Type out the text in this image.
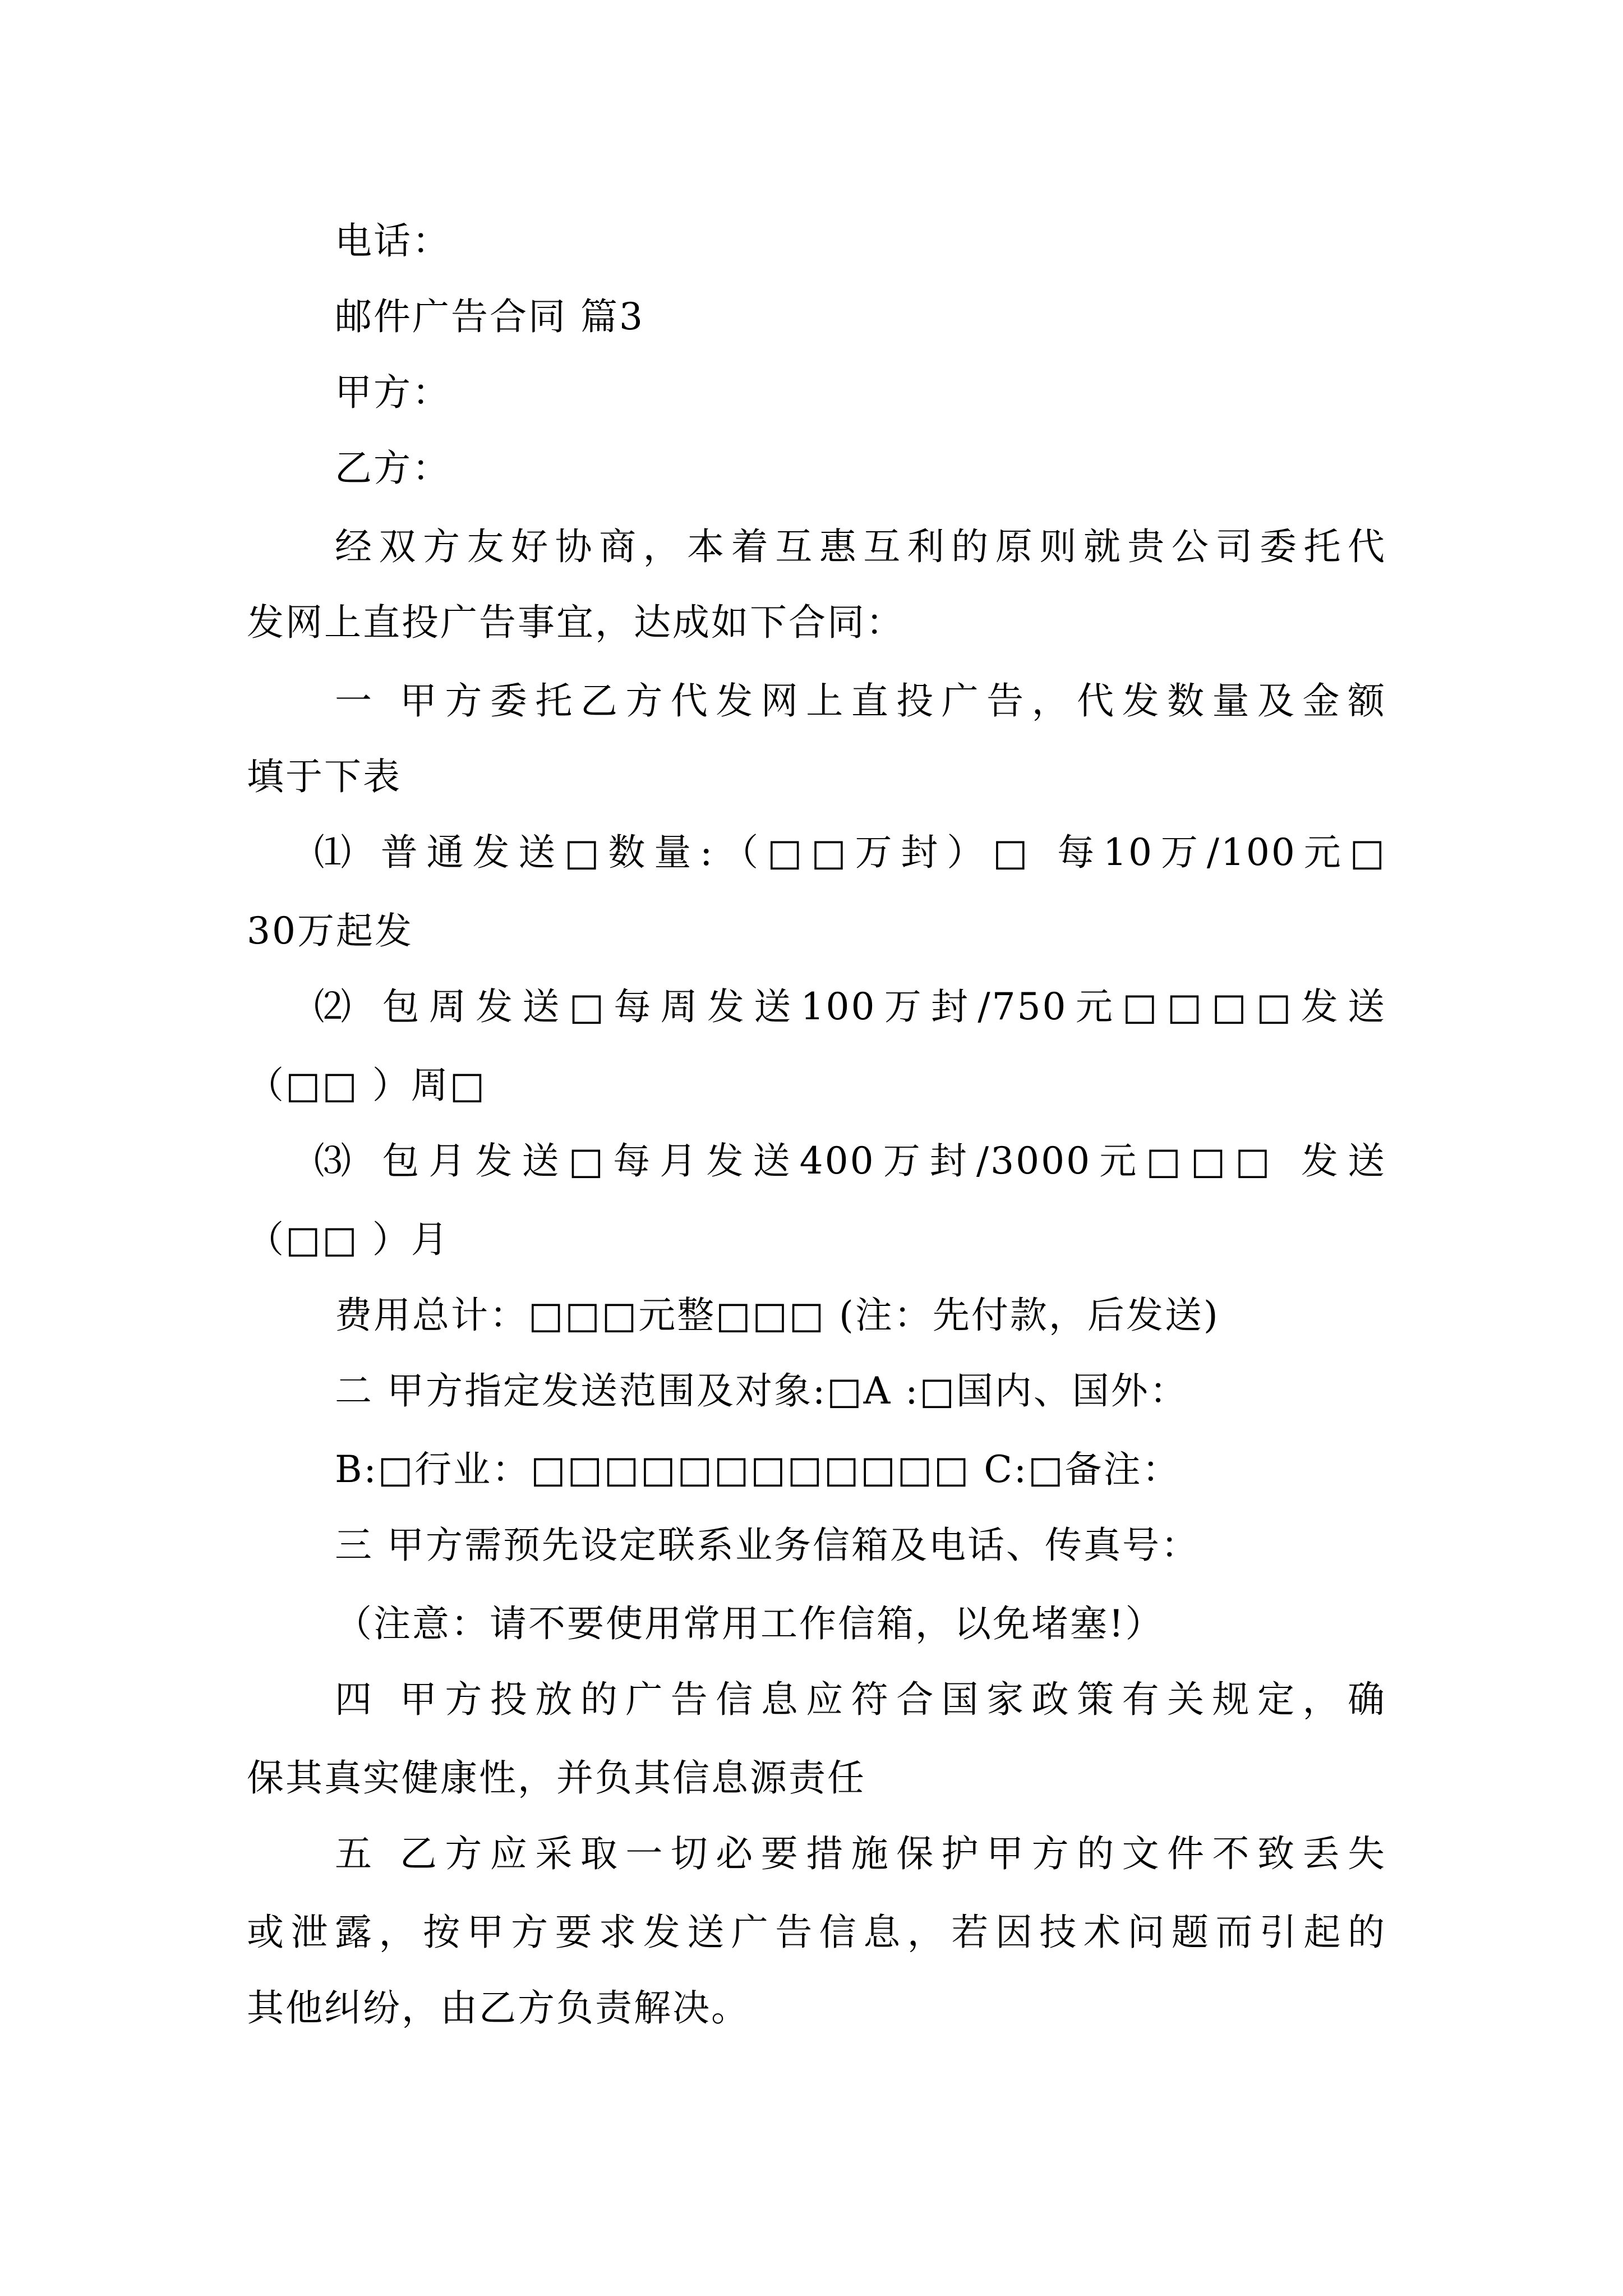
电话：

邮件广告合同 篇3

甲方：

乙方：

经双方友好协商，本着互惠互利的原则就贵公司委托代

发网上直投广告事宜，达成如下合同：

一 甲方委托乙方代发网上直投广告，代发数量及金额

填于下表

⑴ 普通发送□数量:（□□万封）□ 每10万/100元□

30万起发

⑵ 包周发送□每周发送100万封/750元□□□□发送

（□□ ）周□

⑶ 包月发送□每月发送400万封/3000元□□□ 发送

（□□ ）月

费用总计：□□□元整□□□ (注：先付款，后发送)

二 甲方指定发送范围及对象:□A :□国内、国外：

B:□行业：□□□□□□□□□□□□ C:□备注：

三 甲方需预先设定联系业务信箱及电话、传真号：

（注意：请不要使用常用工作信箱，以免堵塞!）

四 甲方投放的广告信息应符合国家政策有关规定，确

保其真实健康性，并负其信息源责任

五 乙方应采取一切必要措施保护甲方的文件不致丢失

或泄露，按甲方要求发送广告信息，若因技术问题而引起的

其他纠纷，由乙方负责解决。
